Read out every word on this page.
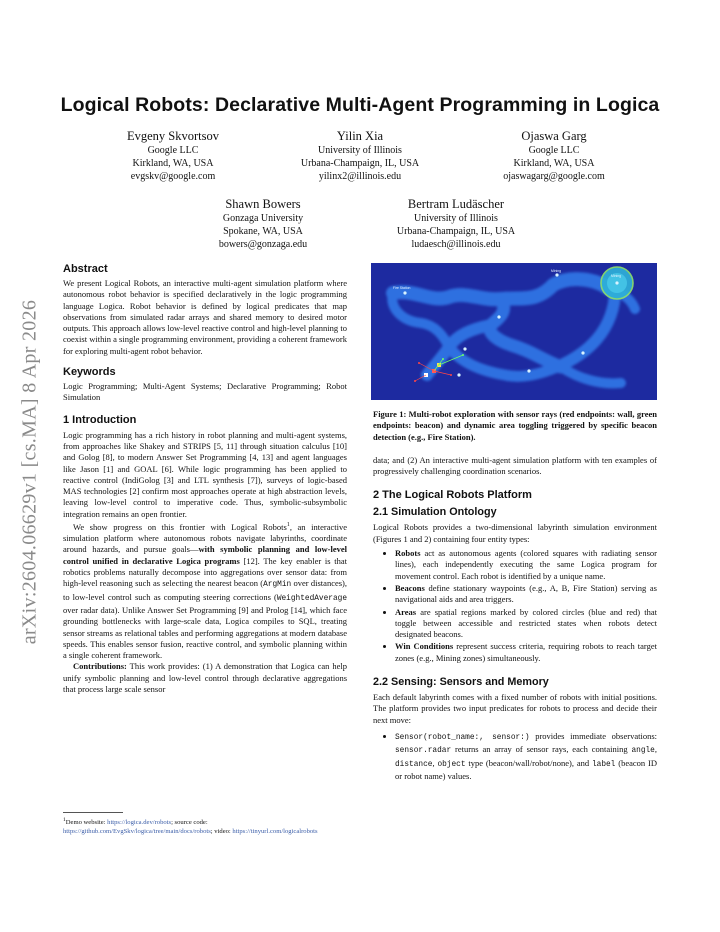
Logical Robots: Declarative Multi-Agent Programming in Logica
Evgeny Skvortsov
Google LLC
Kirkland, WA, USA
evgskv@google.com
Yilin Xia
University of Illinois
Urbana-Champaign, IL, USA
yilinx2@illinois.edu
Ojaswa Garg
Google LLC
Kirkland, WA, USA
ojaswagarg@google.com
Shawn Bowers
Gonzaga University
Spokane, WA, USA
bowers@gonzaga.edu
Bertram Ludäscher
University of Illinois
Urbana-Champaign, IL, USA
ludaesch@illinois.edu
arXiv:2604.06629v1 [cs.MA] 8 Apr 2026
Abstract
We present Logical Robots, an interactive multi-agent simulation platform where autonomous robot behavior is specified declaratively in the logic programming language Logica. Robot behavior is defined by logical predicates that map observations from simulated radar arrays and shared memory to desired motor outputs. This approach allows low-level reactive control and high-level planning to coexist within a single programming environment, providing a coherent framework for exploring multi-agent robot behavior.
Keywords
Logic Programming; Multi-Agent Systems; Declarative Programming; Robot Simulation
1 Introduction

Logic programming has a rich history in robot planning and multi-agent systems, from approaches like Shakey and STRIPS [5, 11] through situation calculus [10] and Golog [8], to modern Answer Set Programming [4, 13] and agent languages like Jason [1] and GOAL [6]. While logic programming has been applied to reactive control (IndiGolog [3] and LTL synthesis [7]), surveys of logic-based MAS technologies [2] confirm most approaches operate at high abstraction levels, leaving low-level control to imperative code. Thus, symbolic-subsymbolic integration remains an open frontier.

We show progress on this frontier with Logical Robots$^1$, an interactive simulation platform where autonomous robots navigate labyrinths, coordinate around hazards, and pursue goals—with symbolic planning and low-level control unified in declarative Logica programs [12]. The key enabler is that robotics problems naturally decompose into aggregations over sensor data: from high-level reasoning such as selecting the nearest beacon (ArgMin over distances), to low-level control such as computing steering corrections (WeightedAverage over radar data). Unlike Answer Set Programming [9] and Prolog [14], which face grounding bottlenecks with large-scale data, Logica compiles to SQL, treating sensor streams as relational tables and performing aggregations at modern database speeds. This enables sensor fusion, reactive control, and symbolic planning within a single coherent framework.

Contributions: This work provides: (1) A demonstration that Logica can help unify symbolic planning and low-level control through declarative aggregations that process large scale sensor

$^1$Demo website: https://logica.dev/robots; source code: https://github.com/EvgSkv/logica/tree/main/docs/robots; video: https://tinyurl.com/logicalrobots
Fire Station
Mining
Mining
Figure 1: Multi-robot exploration with sensor rays (red endpoints: wall, green endpoints: beacon) and dynamic area toggling triggered by specific beacon detection (e.g., Fire Station).
data; and (2) An interactive multi-agent simulation platform with ten examples of progressively challenging coordination scenarios.
2 The Logical Robots Platform
2.1 Simulation Ontology
Logical Robots provides a two-dimensional labyrinth simulation environment (Figures 1 and 2) containing four entity types:
• Robots act as autonomous agents (colored squares with radiating sensor lines), each independently executing the same Logica program for movement control. Each robot is identified by a unique name.
• Beacons define stationary waypoints (e.g., A, B, Fire Station) serving as navigational aids and area triggers.
• Areas are spatial regions marked by colored circles (blue and red) that toggle between accessible and restricted states when robots detect designated beacons.
• Win Conditions represent success criteria, requiring robots to reach target zones (e.g., Mining zones) simultaneously.
2.2 Sensing: Sensors and Memory
Each default labyrinth comes with a fixed number of robots with initial positions. The platform provides two input predicates for robots to process and decide their next move:
• Sensor(robot_name:, sensor:) provides immediate observations: sensor.radar returns an array of sensor rays, each containing angle, distance, object type (beacon/wall/robot/none), and label (beacon ID or robot name) values.
